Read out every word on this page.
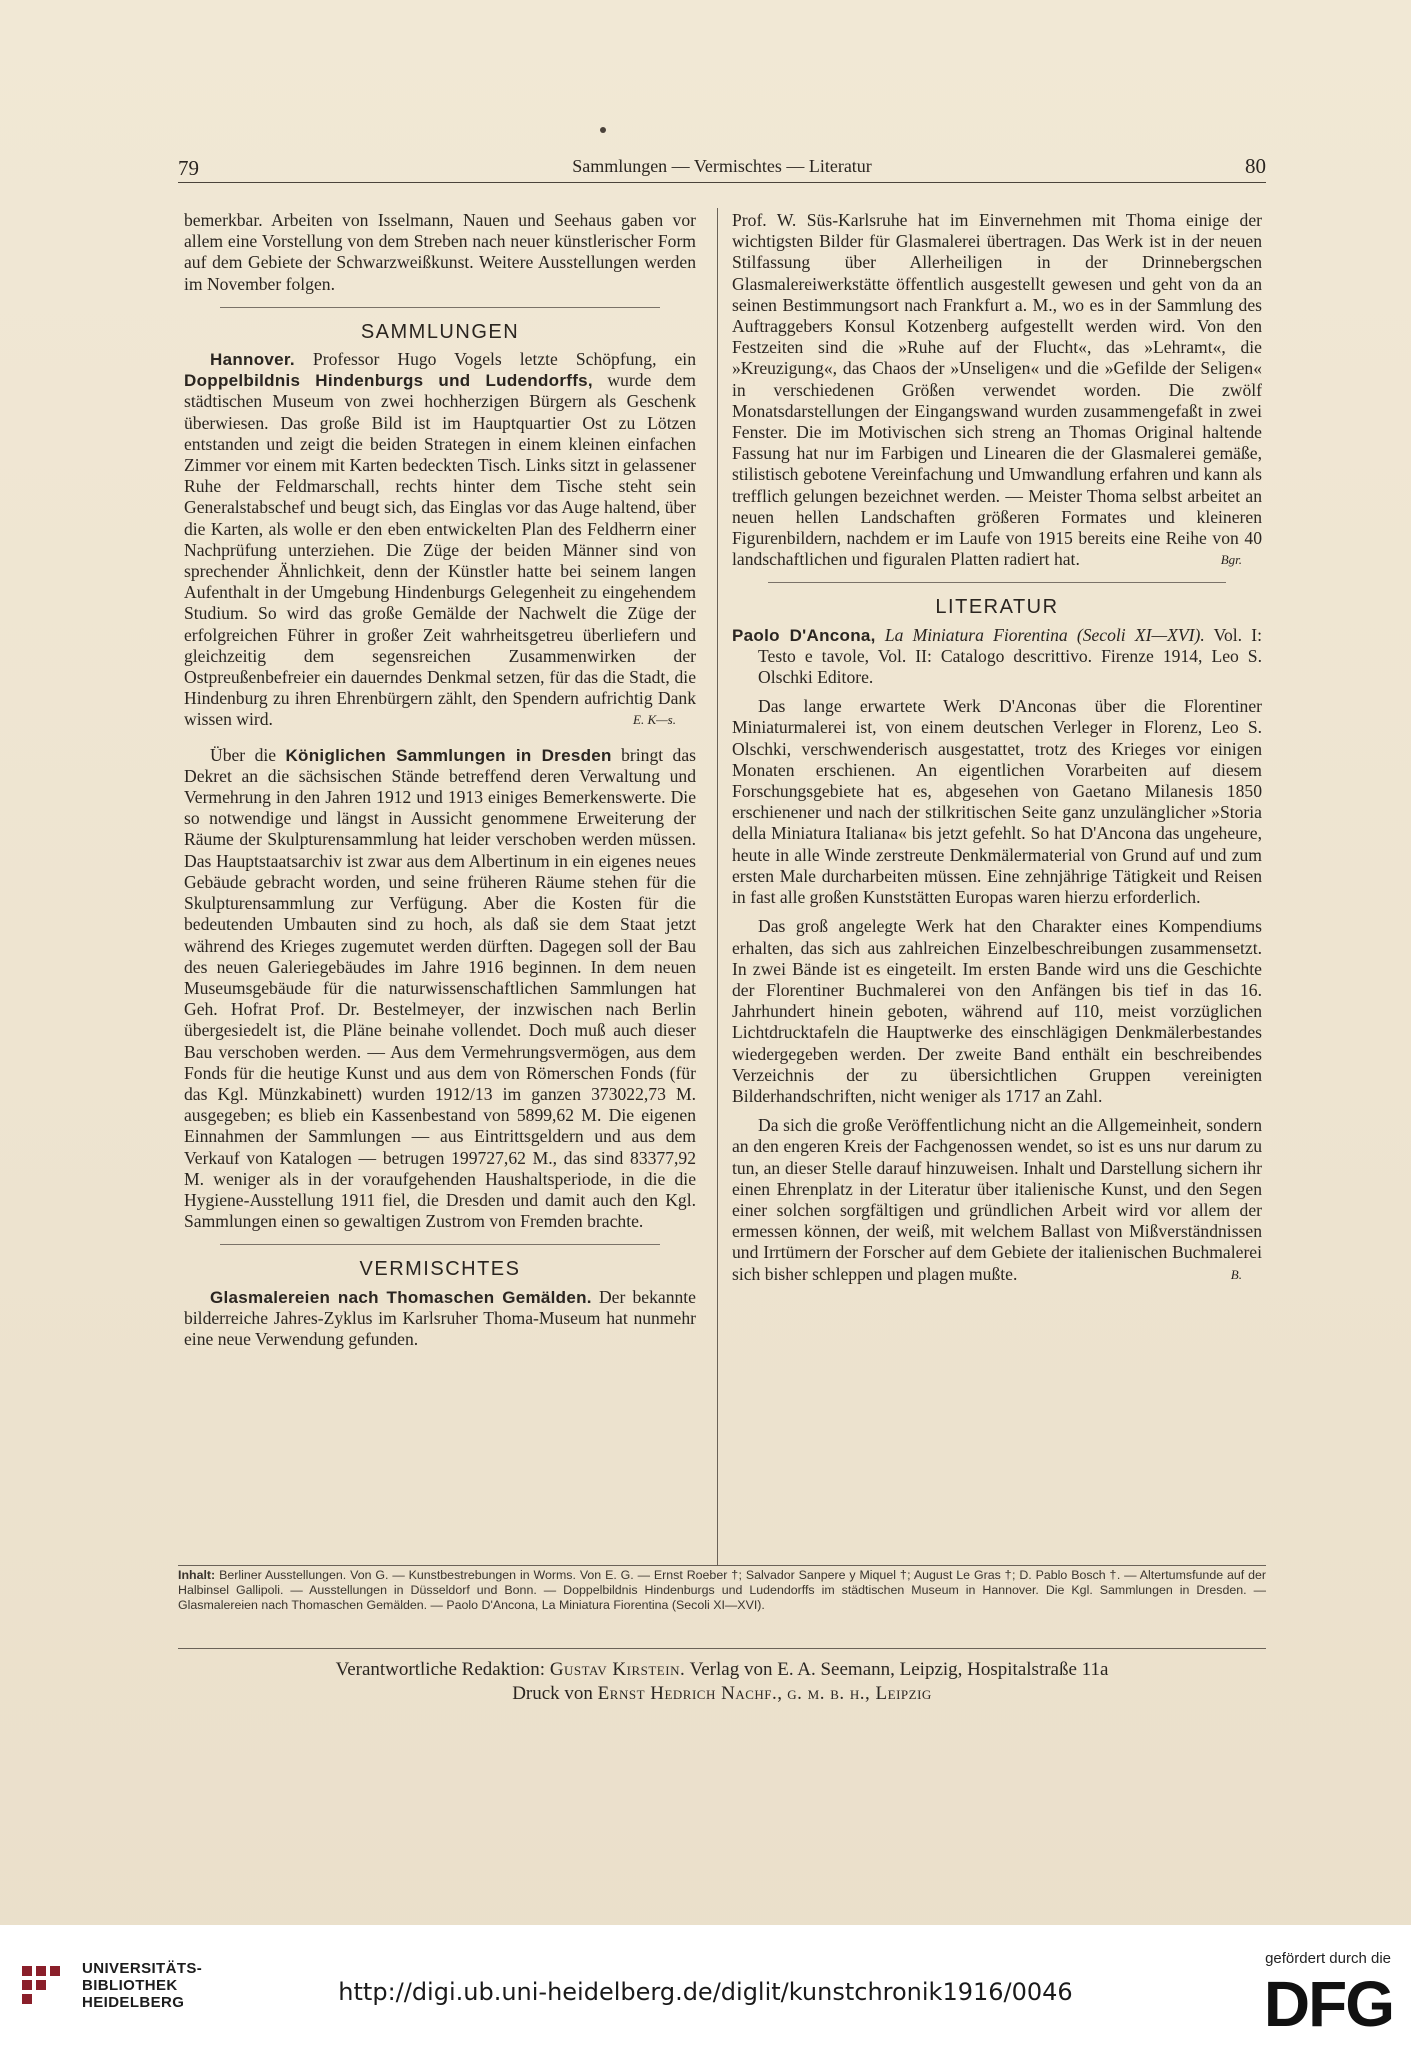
79	Sammlungen — Vermischtes — Literatur	80

bemerkbar. Arbeiten von Isselmann, Nauen und Seehaus gaben vor allem eine Vorstellung von dem Streben nach neuer künstlerischer Form auf dem Gebiete der Schwarzweißkunst. Weitere Ausstellungen werden im November folgen.

SAMMLUNGEN

Hannover. Professor Hugo Vogels letzte Schöpfung, ein Doppelbildnis Hindenburgs und Ludendorffs, wurde dem städtischen Museum von zwei hochherzigen Bürgern als Geschenk überwiesen. Das große Bild ist im Hauptquartier Ost zu Lötzen entstanden und zeigt die beiden Strategen in einem kleinen einfachen Zimmer vor einem mit Karten bedeckten Tisch. Links sitzt in gelassener Ruhe der Feldmarschall, rechts hinter dem Tische steht sein Generalstabschef und beugt sich, das Einglas vor das Auge haltend, über die Karten, als wolle er den eben entwickelten Plan des Feldherrn einer Nachprüfung unterziehen. Die Züge der beiden Männer sind von sprechender Ähnlichkeit, denn der Künstler hatte bei seinem langen Aufenthalt in der Umgebung Hindenburgs Gelegenheit zu eingehendem Studium. So wird das große Gemälde der Nachwelt die Züge der erfolgreichen Führer in großer Zeit wahrheitsgetreu überliefern und gleichzeitig dem segensreichen Zusammenwirken der Ostpreußenbefreier ein dauerndes Denkmal setzen, für das die Stadt, die Hindenburg zu ihren Ehrenbürgern zählt, den Spendern aufrichtig Dank wissen wird.	E. K—s.

Über die Königlichen Sammlungen in Dresden bringt das Dekret an die sächsischen Stände betreffend deren Verwaltung und Vermehrung in den Jahren 1912 und 1913 einiges Bemerkenswerte. Die so notwendige und längst in Aussicht genommene Erweiterung der Räume der Skulpturensammlung hat leider verschoben werden müssen. Das Hauptstaatsarchiv ist zwar aus dem Albertinum in ein eigenes neues Gebäude gebracht worden, und seine früheren Räume stehen für die Skulpturensammlung zur Verfügung. Aber die Kosten für die bedeutenden Umbauten sind zu hoch, als daß sie dem Staat jetzt während des Krieges zugemutet werden dürften. Dagegen soll der Bau des neuen Galeriegebäudes im Jahre 1916 beginnen. In dem neuen Museumsgebäude für die naturwissenschaftlichen Sammlungen hat Geh. Hofrat Prof. Dr. Bestelmeyer, der inzwischen nach Berlin übergesiedelt ist, die Pläne beinahe vollendet. Doch muß auch dieser Bau verschoben werden. — Aus dem Vermehrungsvermögen, aus dem Fonds für die heutige Kunst und aus dem von Römerschen Fonds (für das Kgl. Münzkabinett) wurden 1912/13 im ganzen 373022,73 M. ausgegeben; es blieb ein Kassenbestand von 5899,62 M. Die eigenen Einnahmen der Sammlungen — aus Eintrittsgeldern und aus dem Verkauf von Katalogen — betrugen 199727,62 M., das sind 83377,92 M. weniger als in der voraufgehenden Haushaltsperiode, in die die Hygiene-Ausstellung 1911 fiel, die Dresden und damit auch den Kgl. Sammlungen einen so gewaltigen Zustrom von Fremden brachte.

VERMISCHTES

Glasmalereien nach Thomaschen Gemälden. Der bekannte bilderreiche Jahres-Zyklus im Karlsruher Thoma-Museum hat nunmehr eine neue Verwendung gefunden.

Prof. W. Süs-Karlsruhe hat im Einvernehmen mit Thoma einige der wichtigsten Bilder für Glasmalerei übertragen. Das Werk ist in der neuen Stilfassung über Allerheiligen in der Drinnebergschen Glasmalereiwerkstätte öffentlich ausgestellt gewesen und geht von da an seinen Bestimmungsort nach Frankfurt a. M., wo es in der Sammlung des Auftraggebers Konsul Kotzenberg aufgestellt werden wird. Von den Festzeiten sind die »Ruhe auf der Flucht«, das »Lehramt«, die »Kreuzigung«, das Chaos der »Unseligen« und die »Gefilde der Seligen« in verschiedenen Größen verwendet worden. Die zwölf Monatsdarstellungen der Eingangswand wurden zusammengefaßt in zwei Fenster. Die im Motivischen sich streng an Thomas Original haltende Fassung hat nur im Farbigen und Linearen die der Glasmalerei gemäße, stilistisch gebotene Vereinfachung und Umwandlung erfahren und kann als trefflich gelungen bezeichnet werden. — Meister Thoma selbst arbeitet an neuen hellen Landschaften größeren Formates und kleineren Figurenbildern, nachdem er im Laufe von 1915 bereits eine Reihe von 40 landschaftlichen und figuralen Platten radiert hat.	Bgr.

LITERATUR

Paolo D'Ancona, La Miniatura Fiorentina (Secoli XI—XVI). Vol. I: Testo e tavole, Vol. II: Catalogo descrittivo. Firenze 1914, Leo S. Olschki Editore.

Das lange erwartete Werk D'Anconas über die Florentiner Miniaturmalerei ist, von einem deutschen Verleger in Florenz, Leo S. Olschki, verschwenderisch ausgestattet, trotz des Krieges vor einigen Monaten erschienen. An eigentlichen Vorarbeiten auf diesem Forschungsgebiete hat es, abgesehen von Gaetano Milanesis 1850 erschienener und nach der stilkritischen Seite ganz unzulänglicher »Storia della Miniatura Italiana« bis jetzt gefehlt. So hat D'Ancona das ungeheure, heute in alle Winde zerstreute Denkmälermaterial von Grund auf und zum ersten Male durcharbeiten müssen. Eine zehnjährige Tätigkeit und Reisen in fast alle großen Kunststätten Europas waren hierzu erforderlich.

Das groß angelegte Werk hat den Charakter eines Kompendiums erhalten, das sich aus zahlreichen Einzelbeschreibungen zusammensetzt. In zwei Bände ist es eingeteilt. Im ersten Bande wird uns die Geschichte der Florentiner Buchmalerei von den Anfängen bis tief in das 16. Jahrhundert hinein geboten, während auf 110, meist vorzüglichen Lichtdrucktafeln die Hauptwerke des einschlägigen Denkmälerbestandes wiedergegeben werden. Der zweite Band enthält ein beschreibendes Verzeichnis der zu übersichtlichen Gruppen vereinigten Bilderhandschriften, nicht weniger als 1717 an Zahl.

Da sich die große Veröffentlichung nicht an die Allgemeinheit, sondern an den engeren Kreis der Fachgenossen wendet, so ist es uns nur darum zu tun, an dieser Stelle darauf hinzuweisen. Inhalt und Darstellung sichern ihr einen Ehrenplatz in der Literatur über italienische Kunst, und den Segen einer solchen sorgfältigen und gründlichen Arbeit wird vor allem der ermessen können, der weiß, mit welchem Ballast von Mißverständnissen und Irrtümern der Forscher auf dem Gebiete der italienischen Buchmalerei sich bisher schleppen und plagen mußte.	B.

Inhalt: Berliner Ausstellungen. Von G. — Kunstbestrebungen in Worms. Von E. G. — Ernst Roeber †; Salvador Sanpere y Miquel †; August Le Gras †; D. Pablo Bosch †. — Altertumsfunde auf der Halbinsel Gallipoli. — Ausstellungen in Düsseldorf und Bonn. — Doppelbildnis Hindenburgs und Ludendorffs im städtischen Museum in Hannover. Die Kgl. Sammlungen in Dresden. — Glasmalereien nach Thomaschen Gemälden. — Paolo D'Ancona, La Miniatura Fiorentina (Secoli XI—XVI).
Verantwortliche Redaktion: Gustav Kirstein. Verlag von E. A. Seemann, Leipzig, Hospitalstraße 11a
Druck von Ernst Hedrich Nachf., g. m. b. h., Leipzig
UNIVERSITÄTS-
BIBLIOTHEK
HEIDELBERG	http://digi.ub.uni-heidelberg.de/diglit/kunstchronik1916/0046
gefördert durch die
DFG
